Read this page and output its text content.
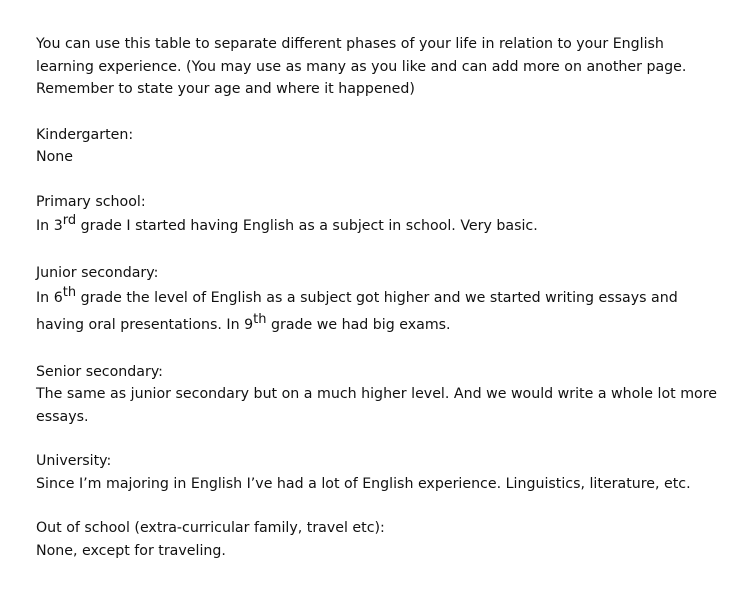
You can use this table to separate different phases of your life in relation to your English learning experience. (You may use as many as you like and can add more on another page. Remember to state your age and where it happened)

Kindergarten:
None
Primary school:
In 3rd grade I started having English as a subject in school. Very basic.
Junior secondary:
In 6th grade the level of English as a subject got higher and we started writing essays and having oral presentations. In 9th grade we had big exams.
Senior secondary:
The same as junior secondary but on a much higher level. And we would write a whole lot more essays.
University:
Since I’m majoring in English I’ve had a lot of English experience. Linguistics, literature, etc.
Out of school (extra-curricular family, travel etc):
None, except for traveling.
